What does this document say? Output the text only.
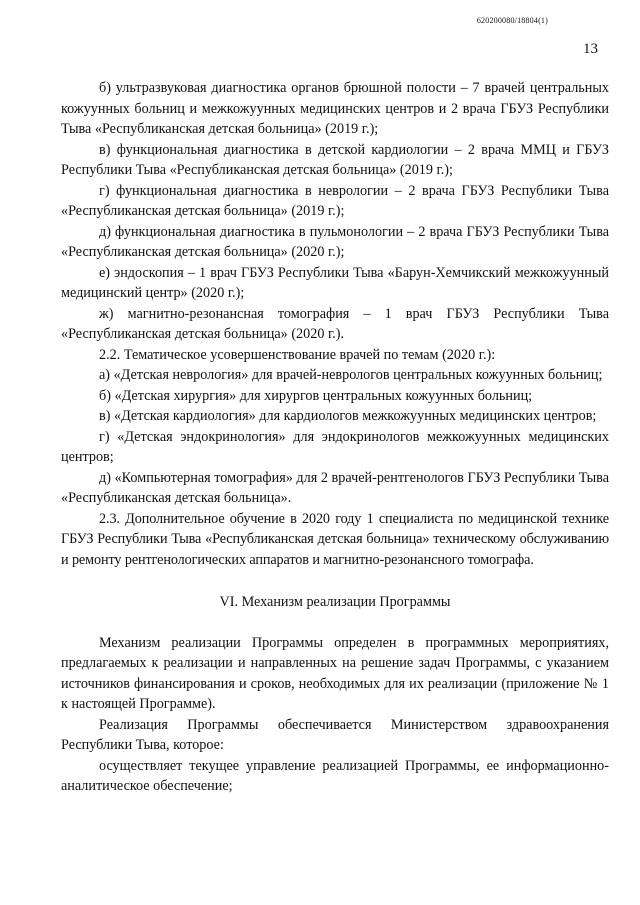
620200080/18804(1)
13

б) ультразвуковая диагностика органов брюшной полости – 7 врачей центральных кожуунных больниц и межкожуунных медицинских центров и 2 врача ГБУЗ Республики Тыва «Республиканская детская больница» (2019 г.);

в) функциональная диагностика в детской кардиологии – 2 врача ММЦ и ГБУЗ Республики Тыва «Республиканская детская больница» (2019 г.);

г) функциональная диагностика в неврологии – 2 врача ГБУЗ Республики Тыва «Республиканская детская больница» (2019 г.);

д) функциональная диагностика в пульмонологии – 2 врача ГБУЗ Республики Тыва «Республиканская детская больница» (2020 г.);

е) эндоскопия – 1 врач ГБУЗ Республики Тыва «Барун-Хемчикский межкожуунный медицинский центр» (2020 г.);

ж) магнитно-резонансная томография – 1 врач ГБУЗ Республики Тыва «Республиканская детская больница» (2020 г.).

2.2. Тематическое усовершенствование врачей по темам (2020 г.):

а) «Детская неврология» для врачей-неврологов центральных кожуунных больниц;

б) «Детская хирургия» для хирургов центральных кожуунных больниц;

в) «Детская кардиология» для кардиологов межкожуунных медицинских центров;

г) «Детская эндокринология» для эндокринологов межкожуунных медицинских центров;

д) «Компьютерная томография» для 2 врачей-рентгенологов ГБУЗ Республики Тыва «Республиканская детская больница».

2.3. Дополнительное обучение в 2020 году 1 специалиста по медицинской технике ГБУЗ Республики Тыва «Республиканская детская больница» техническому обслуживанию и ремонту рентгенологических аппаратов и магнитно-резонансного томографа.

VI. Механизм реализации Программы

Механизм реализации Программы определен в программных мероприятиях, предлагаемых к реализации и направленных на решение задач Программы, с указанием источников финансирования и сроков, необходимых для их реализации (приложение № 1 к настоящей Программе).

Реализация Программы обеспечивается Министерством здравоохранения Республики Тыва, которое:

осуществляет текущее управление реализацией Программы, ее информационно-аналитическое обеспечение;
